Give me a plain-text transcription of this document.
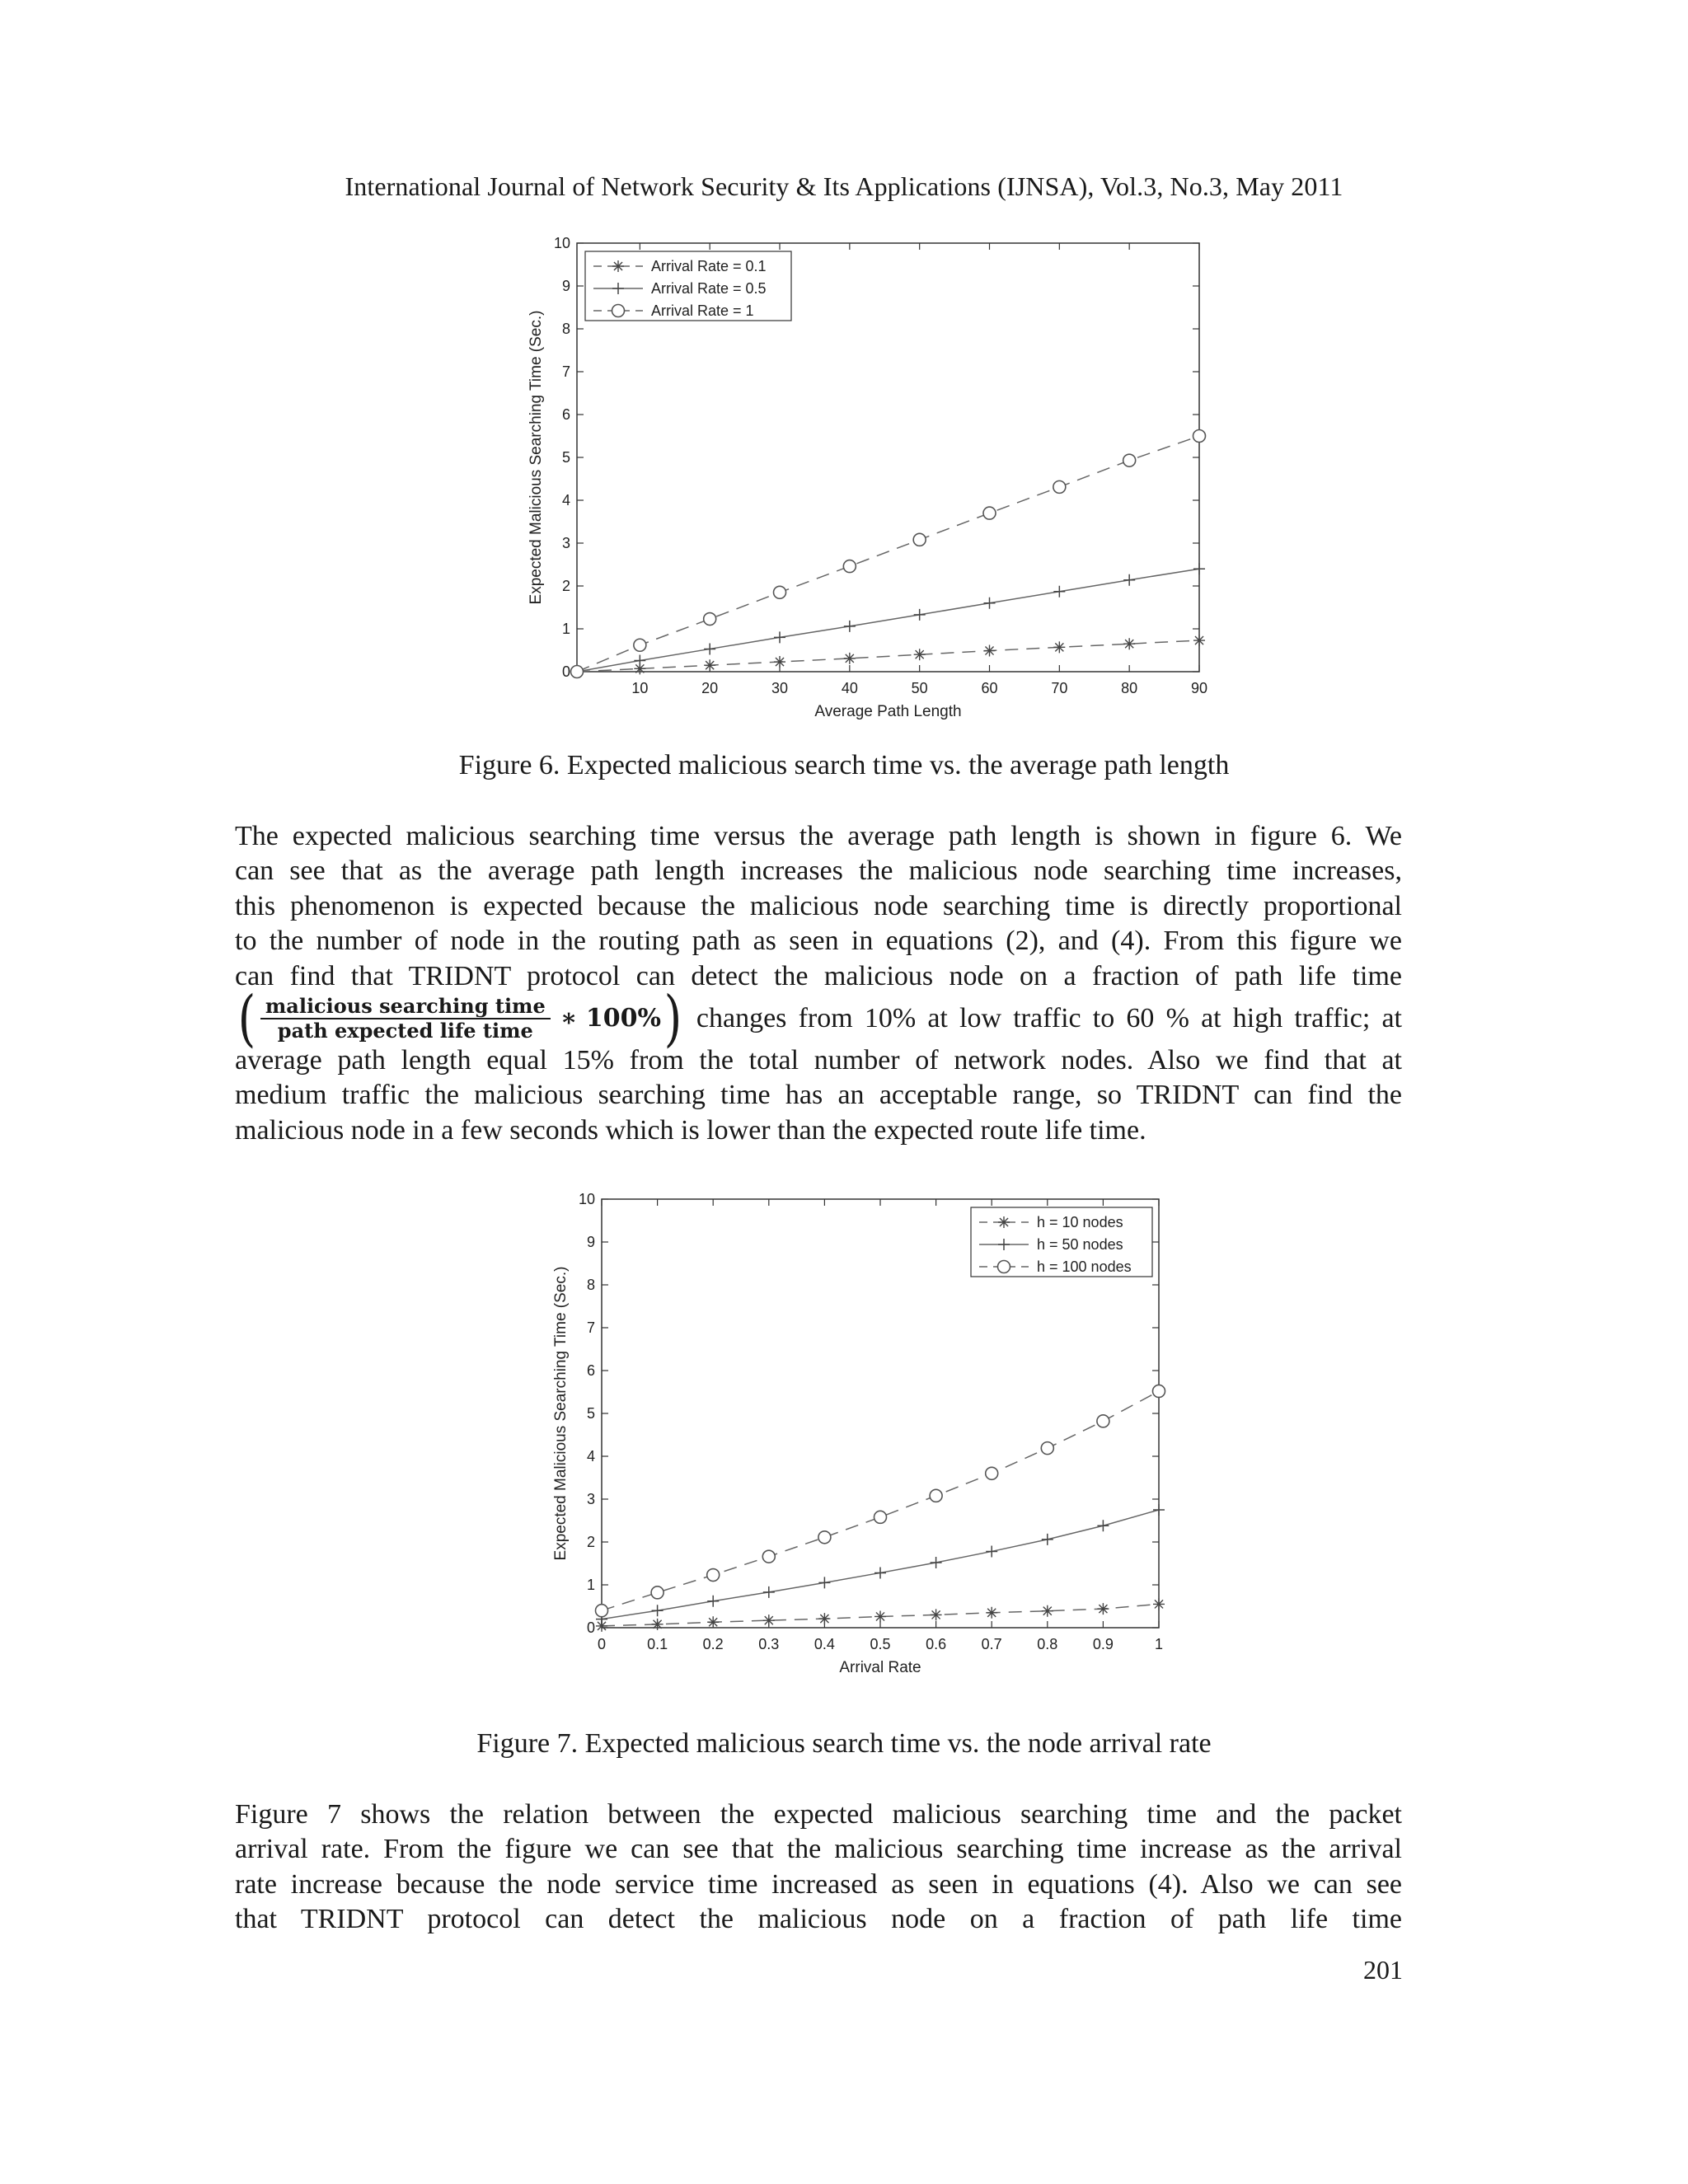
International Journal of Network Security & Its Applications (IJNSA), Vol.3, No.3, May 2011
10	20	30	40	50	60	70	80	90
0
1
2
3
4
5
6
7
8
9
10
Average Path Length
Expected Malicious Searching Time (Sec.)
Arrival Rate = 0.1
Arrival Rate = 0.5
Arrival Rate = 1
Figure 6. Expected malicious search time vs. the average path length
The expected malicious searching time versus the average path length is shown in figure 6. We
can see that as the average path length increases the malicious node searching time increases,
this phenomenon is expected because the malicious node searching time is directly proportional
to the number of node in the routing path as seen in equations (2), and (4). From this figure we
can find that TRIDNT protocol can detect the malicious node on a fraction of path life time
( $\frac{\text{malicious searching time}}{\text{path expected life time}}$ ∗ 100% ) changes from 10% at low traffic to 60 % at high traffic; at
average path length equal 15% from the total number of network nodes. Also we find that at
medium traffic the malicious searching time has an acceptable range, so TRIDNT can find the
malicious node in a few seconds which is lower than the expected route life time.
0	0.1 0.2 0.3 0.4 0.5 0.6 0.7 0.8 0.9	1
0
1
2
3
4
5
6
7
8
9
10
Arrival Rate
Expected Malicious Searching Time (Sec.)
h = 10 nodes
h = 50 nodes
h = 100 nodes
Figure 7. Expected malicious search time vs. the node arrival rate
Figure 7 shows the relation between the expected malicious searching time and the packet
arrival rate. From the figure we can see that the malicious searching time increase as the arrival
rate increase because the node service time increased as seen in equations (4). Also we can see
that TRIDNT protocol can detect the malicious node on a fraction of path life time
201
